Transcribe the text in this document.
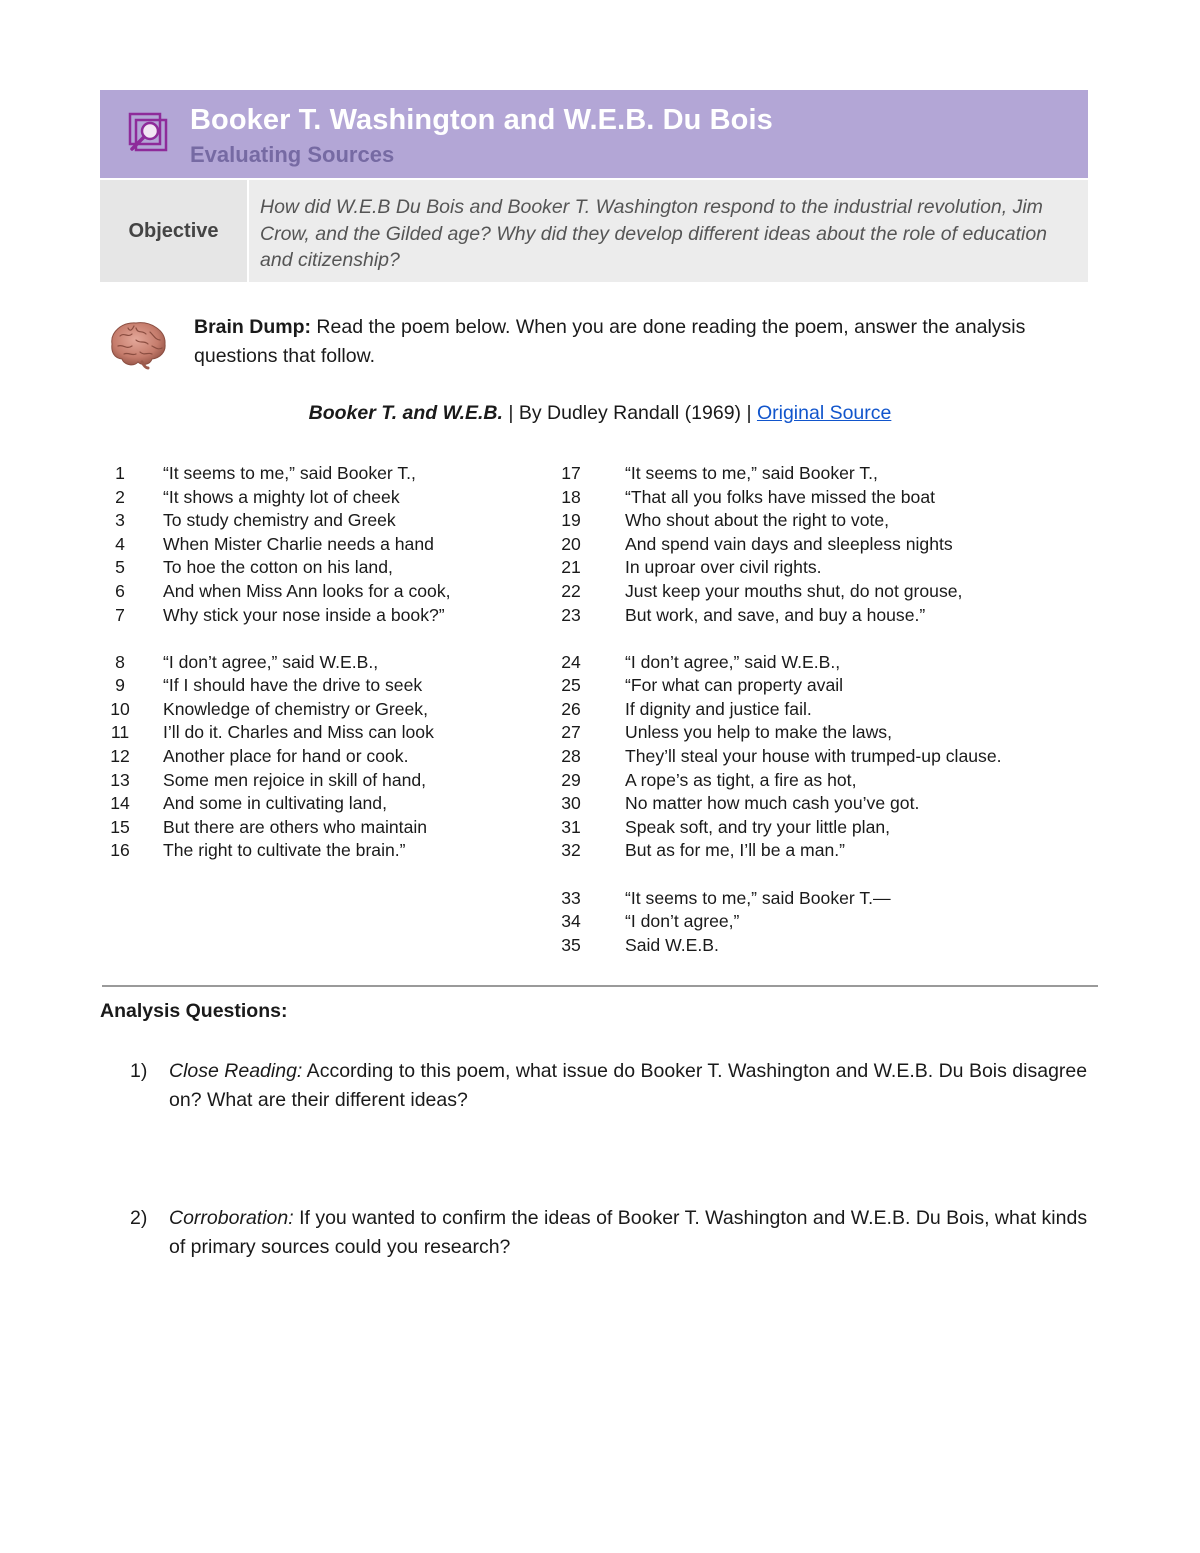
Booker T. Washington and W.E.B. Du Bois
Evaluating Sources
Objective
How did W.E.B Du Bois and Booker T. Washington respond to the industrial revolution, Jim Crow, and the Gilded age? Why did they develop different ideas about the role of education and citizenship?
Brain Dump: Read the poem below. When you are done reading the poem, answer the analysis questions that follow.
Booker T. and W.E.B. | By Dudley Randall (1969) | Original Source
1	“It seems to me,” said Booker T.,
2	“It shows a mighty lot of cheek
3	To study chemistry and Greek
4	When Mister Charlie needs a hand
5	To hoe the cotton on his land,
6	And when Miss Ann looks for a cook,
7	Why stick your nose inside a book?”
8	“I don’t agree,” said W.E.B.,
9	“If I should have the drive to seek
10	Knowledge of chemistry or Greek,
11	I’ll do it. Charles and Miss can look
12	Another place for hand or cook.
13	Some men rejoice in skill of hand,
14	And some in cultivating land,
15	But there are others who maintain
16	The right to cultivate the brain.”
17	“It seems to me,” said Booker T.,
18	“That all you folks have missed the boat
19	Who shout about the right to vote,
20	And spend vain days and sleepless nights
21	In uproar over civil rights.
22	Just keep your mouths shut, do not grouse,
23	But work, and save, and buy a house.”
24	“I don’t agree,” said W.E.B.,
25	“For what can property avail
26	If dignity and justice fail.
27	Unless you help to make the laws,
28	They’ll steal your house with trumped-up clause.
29	A rope’s as tight, a fire as hot,
30	No matter how much cash you’ve got.
31	Speak soft, and try your little plan,
32	But as for me, I’ll be a man.”
33	“It seems to me,” said Booker T.—
34	“I don’t agree,”
35	Said W.E.B.
Analysis Questions:
1) Close Reading: According to this poem, what issue do Booker T. Washington and W.E.B. Du Bois disagree on? What are their different ideas?
2) Corroboration: If you wanted to confirm the ideas of Booker T. Washington and W.E.B. Du Bois, what kinds of primary sources could you research?
